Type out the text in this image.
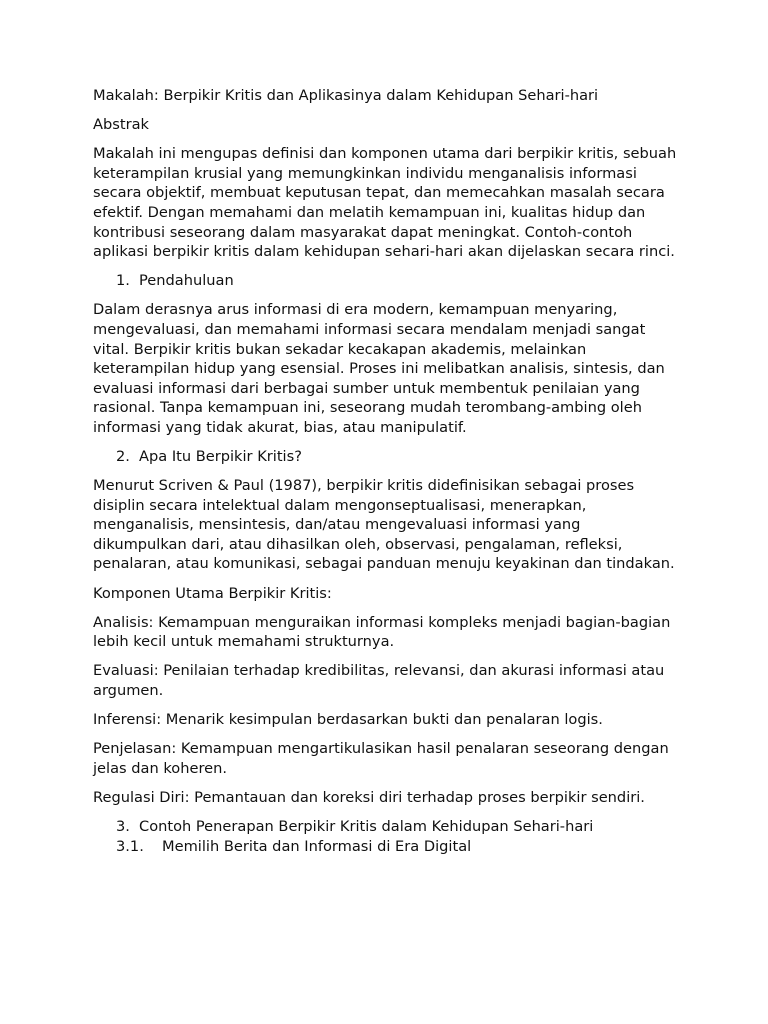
Makalah: Berpikir Kritis dan Aplikasinya dalam Kehidupan Sehari-hari

Abstrak

Makalah ini mengupas definisi dan komponen utama dari berpikir kritis, sebuah keterampilan krusial yang memungkinkan individu menganalisis informasi secara objektif, membuat keputusan tepat, dan memecahkan masalah secara efektif. Dengan memahami dan melatih kemampuan ini, kualitas hidup dan kontribusi seseorang dalam masyarakat dapat meningkat. Contoh-contoh aplikasi berpikir kritis dalam kehidupan sehari-hari akan dijelaskan secara rinci.

1. Pendahuluan

Dalam derasnya arus informasi di era modern, kemampuan menyaring, mengevaluasi, dan memahami informasi secara mendalam menjadi sangat vital. Berpikir kritis bukan sekadar kecakapan akademis, melainkan keterampilan hidup yang esensial. Proses ini melibatkan analisis, sintesis, dan evaluasi informasi dari berbagai sumber untuk membentuk penilaian yang rasional. Tanpa kemampuan ini, seseorang mudah terombang-ambing oleh informasi yang tidak akurat, bias, atau manipulatif.

2. Apa Itu Berpikir Kritis?

Menurut Scriven & Paul (1987), berpikir kritis didefinisikan sebagai proses disiplin secara intelektual dalam mengonseptualisasi, menerapkan, menganalisis, mensintesis, dan/atau mengevaluasi informasi yang dikumpulkan dari, atau dihasilkan oleh, observasi, pengalaman, refleksi, penalaran, atau komunikasi, sebagai panduan menuju keyakinan dan tindakan.

Komponen Utama Berpikir Kritis:

Analisis: Kemampuan menguraikan informasi kompleks menjadi bagian-bagian lebih kecil untuk memahami strukturnya.

Evaluasi: Penilaian terhadap kredibilitas, relevansi, dan akurasi informasi atau argumen.

Inferensi: Menarik kesimpulan berdasarkan bukti dan penalaran logis.

Penjelasan: Kemampuan mengartikulasikan hasil penalaran seseorang dengan jelas dan koheren.

Regulasi Diri: Pemantauan dan koreksi diri terhadap proses berpikir sendiri.

3. Contoh Penerapan Berpikir Kritis dalam Kehidupan Sehari-hari
3.1.	Memilih Berita dan Informasi di Era Digital
